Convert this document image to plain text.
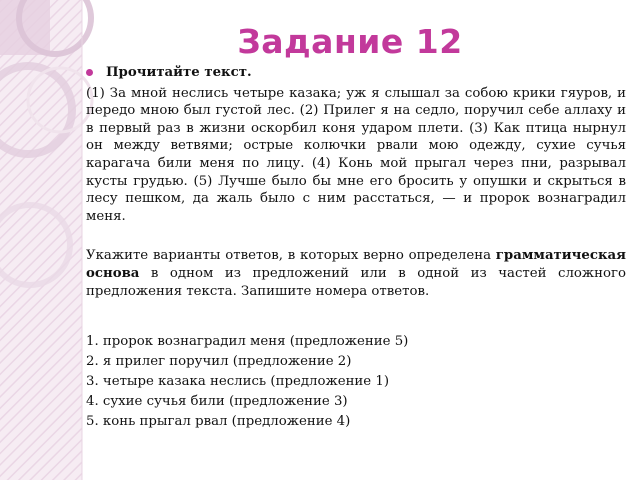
Задание 12
Прочитайте текст.

(1) За мной неслись четыре казака; уж я слышал за собою крики гяуров, и передо мною был густой лес. (2) Прилег я на седло, поручил себе аллаху и в первый раз в жизни оскорбил коня ударом плети. (3) Как птица нырнул он между ветвями; острые колючки рвали мою одежду, сухие сучья карагача били меня по лицу. (4) Конь мой прыгал через пни, разрывал кусты грудью. (5) Лучше было бы мне его бросить у опушки и скрыться в лесу пешком, да жаль было с ним расстаться, — и пророк вознаградил меня.

Укажите варианты ответов, в которых верно определена грамматическая основа в одном из предложений или в одной из частей сложного предложения текста. Запишите номера ответов.

1. пророк вознаградил меня (предложение 5)
2. я прилег поручил (предложение 2)
3. четыре казака неслись (предложение 1)
4. сухие сучья били (предложение 3)
5. конь прыгал рвал (предложение 4)
